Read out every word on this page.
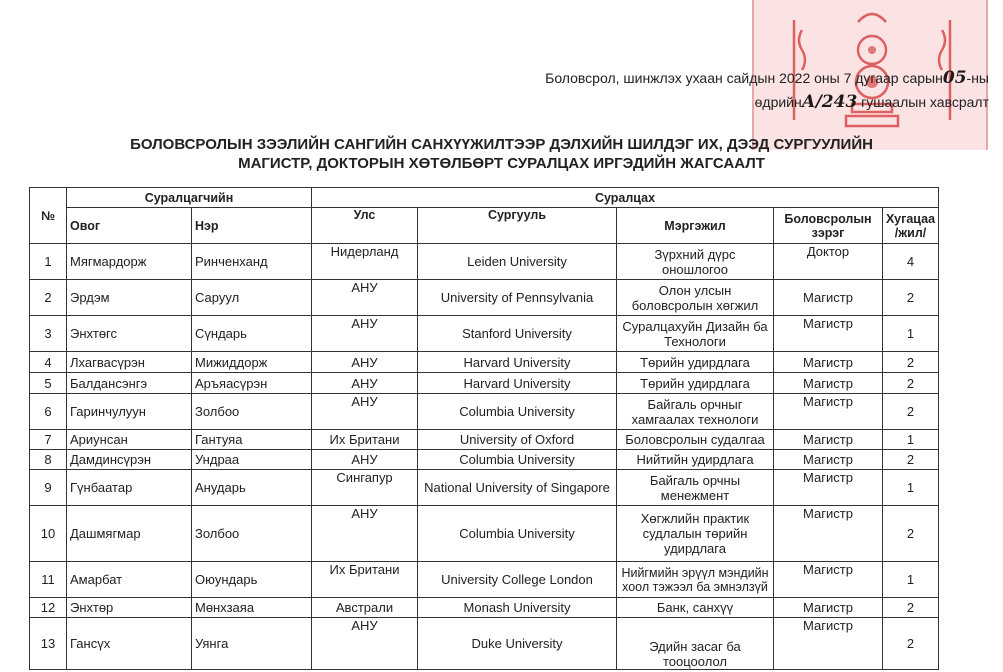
Боловсрол, шинжлэх ухаан сайдын 2022 оны 7 дугаар сарын05-ны
өдрийнА/243 гушаалын хавсралт
БОЛОВСРОЛЫН ЗЭЭЛИЙН САНГИЙН САНХҮҮЖИЛТЭЭР ДЭЛХИЙН ШИЛДЭГ ИХ, ДЭЭД СУРГУУЛИЙН
МАГИСТР, ДОКТОРЫН ХӨТӨЛБӨРТ СУРАЛЦАХ ИРГЭДИЙН ЖАГСААЛТ
№	Суралцагчийн		Суралцах				
	Овог	Нэр	Улс	Сургууль	Мэргэжил	Боловсролын зэрэг	Хугацаа /жил/
1	Мягмардорж	Ринченханд	Нидерланд	Leiden University	Зүрхний дүрс оношлогоо	Доктор	4
2	Эрдэм	Саруул	АНУ	University of Pennsylvania	Олон улсын боловсролын хөгжил	Магистр	2
3	Энхтөгс	Сүндарь	АНУ	Stanford University	Суралцахуйн Дизайн ба Технологи	Магистр	1
4	Лхагвасүрэн	Мижиддорж	АНУ	Harvard University	Төрийн удирдлага	Магистр	2
5	Балдансэнгэ	Аръяасүрэн	АНУ	Harvard University	Төрийн удирдлага	Магистр	2
6	Гаринчулуун	Золбоо	АНУ	Columbia University	Байгаль орчныг хамгаалах технологи	Магистр	2
7	Ариунсан	Гантуяа	Их Британи	University of Oxford	Боловсролын судалгаа	Магистр	1
8	Дамдинсүрэн	Ундраа	АНУ	Columbia University	Нийтийн удирдлага	Магистр	2
9	Гүнбаатар	Анударь	Сингапур	National University of Singapore	Байгаль орчны менежмент	Магистр	1
10	Дашмягмар	Золбоо	АНУ	Columbia University	Хөгжлийн практик судлалын төрийн удирдлага	Магистр	2
11	Амарбат	Оюундарь	Их Британи	University College London	Нийгмийн эрүүл мэндийн хоол тэжээл ба эмнэлзүй	Магистр	1
12	Энхтөр	Мөнхзаяа	Австрали	Monash University	Банк, санхүү	Магистр	2
13	Гансүх	Уянга	АНУ	Duke University	Эдийн засаг ба тооцоолол	Магистр	2
